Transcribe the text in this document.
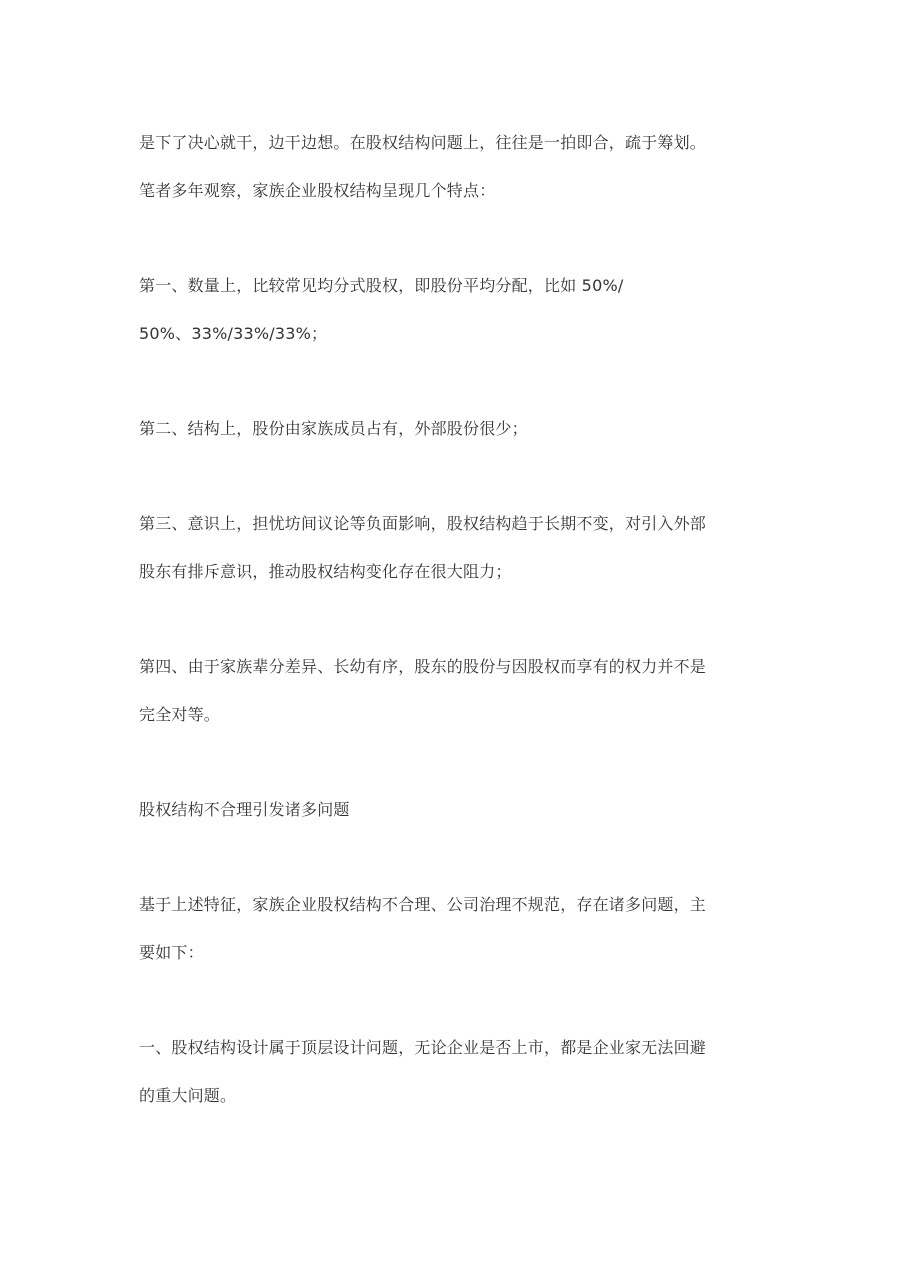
是下了决心就干，边干边想。在股权结构问题上，往往是一拍即合，疏于筹划。
笔者多年观察，家族企业股权结构呈现几个特点：
第一、数量上，比较常见均分式股权，即股份平均分配，比如 50%/
50%、33%/33%/33%；
第二、结构上，股份由家族成员占有，外部股份很少；
第三、意识上，担忧坊间议论等负面影响，股权结构趋于长期不变，对引入外部
股东有排斥意识，推动股权结构变化存在很大阻力；
第四、由于家族辈分差异、长幼有序，股东的股份与因股权而享有的权力并不是
完全对等。
股权结构不合理引发诸多问题
基于上述特征，家族企业股权结构不合理、公司治理不规范，存在诸多问题，主
要如下：
一、股权结构设计属于顶层设计问题，无论企业是否上市，都是企业家无法回避
的重大问题。
